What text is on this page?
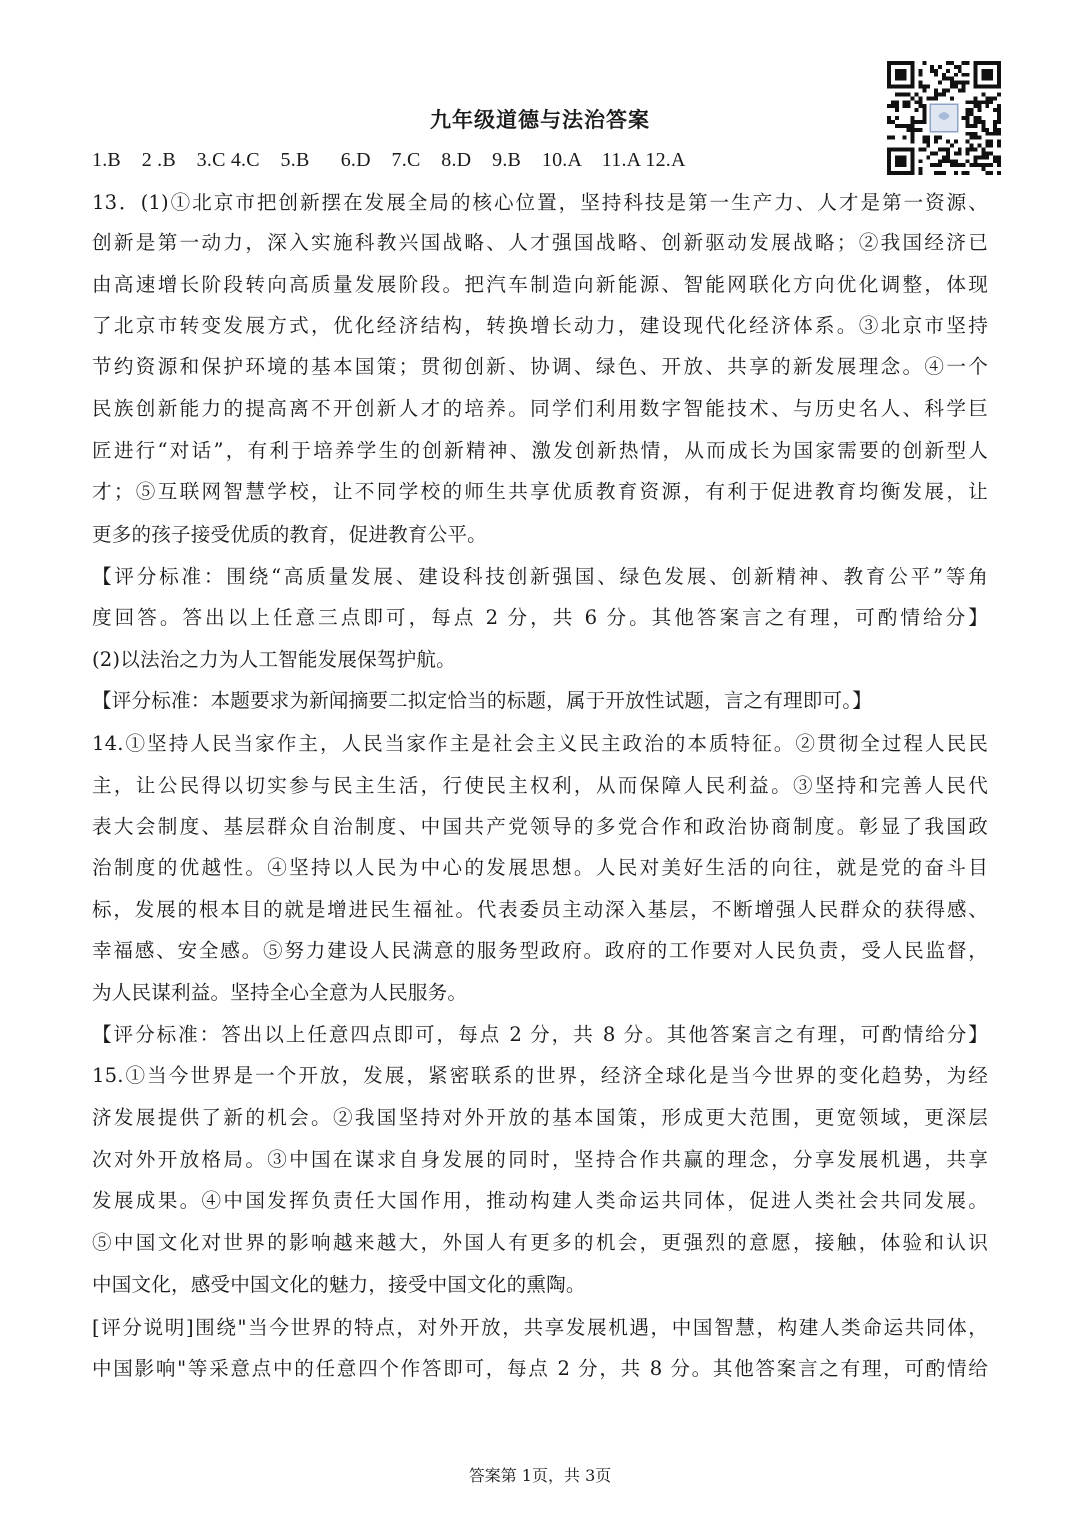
九年级道德与法治答案
1.B    2 .B    3.C 4.C    5.B      6.D    7.C    8.D    9.B    10.A    11.A 12.A
13．(1)①北京市把创新摆在发展全局的核心位置，坚持科技是第一生产力、人才是第一资源、
创新是第一动力，深入实施科教兴国战略、人才强国战略、创新驱动发展战略；②我国经济已
由高速增长阶段转向高质量发展阶段。把汽车制造向新能源、智能网联化方向优化调整，体现
了北京市转变发展方式，优化经济结构，转换增长动力，建设现代化经济体系。③北京市坚持
节约资源和保护环境的基本国策；贯彻创新、协调、绿色、开放、共享的新发展理念。④一个
民族创新能力的提高离不开创新人才的培养。同学们利用数字智能技术、与历史名人、科学巨
匠进行“对话”，有利于培养学生的创新精神、激发创新热情，从而成长为国家需要的创新型人
才；⑤互联网智慧学校，让不同学校的师生共享优质教育资源，有利于促进教育均衡发展，让
更多的孩子接受优质的教育，促进教育公平。
【评分标准：围绕“高质量发展、建设科技创新强国、绿色发展、创新精神、教育公平”等角
度回答。答出以上任意三点即可，每点 2 分，共 6 分。其他答案言之有理，可酌情给分】
(2)以法治之力为人工智能发展保驾护航。
【评分标准：本题要求为新闻摘要二拟定恰当的标题，属于开放性试题，言之有理即可。】
14.①坚持人民当家作主，人民当家作主是社会主义民主政治的本质特征。②贯彻全过程人民民
主，让公民得以切实参与民主生活，行使民主权利，从而保障人民利益。③坚持和完善人民代
表大会制度、基层群众自治制度、中国共产党领导的多党合作和政治协商制度。彰显了我国政
治制度的优越性。④坚持以人民为中心的发展思想。人民对美好生活的向往，就是党的奋斗目
标，发展的根本目的就是增进民生福祉。代表委员主动深入基层，不断增强人民群众的获得感、
幸福感、安全感。⑤努力建设人民满意的服务型政府。政府的工作要对人民负责，受人民监督，
为人民谋利益。坚持全心全意为人民服务。
【评分标准：答出以上任意四点即可，每点 2 分，共 8 分。其他答案言之有理，可酌情给分】
15.①当今世界是一个开放，发展，紧密联系的世界，经济全球化是当今世界的变化趋势，为经
济发展提供了新的机会。②我国坚持对外开放的基本国策，形成更大范围，更宽领域，更深层
次对外开放格局。③中国在谋求自身发展的同时，坚持合作共赢的理念，分享发展机遇，共享
发展成果。④中国发挥负责任大国作用，推动构建人类命运共同体，促进人类社会共同发展。
⑤中国文化对世界的影响越来越大，外国人有更多的机会，更强烈的意愿，接触，体验和认识
中国文化，感受中国文化的魅力，接受中国文化的熏陶。
[评分说明]围绕"当今世界的特点，对外开放，共享发展机遇，中国智慧，构建人类命运共同体，
中国影响"等采意点中的任意四个作答即可，每点 2 分，共 8 分。其他答案言之有理，可酌情给
答案第 1页，共 3页
